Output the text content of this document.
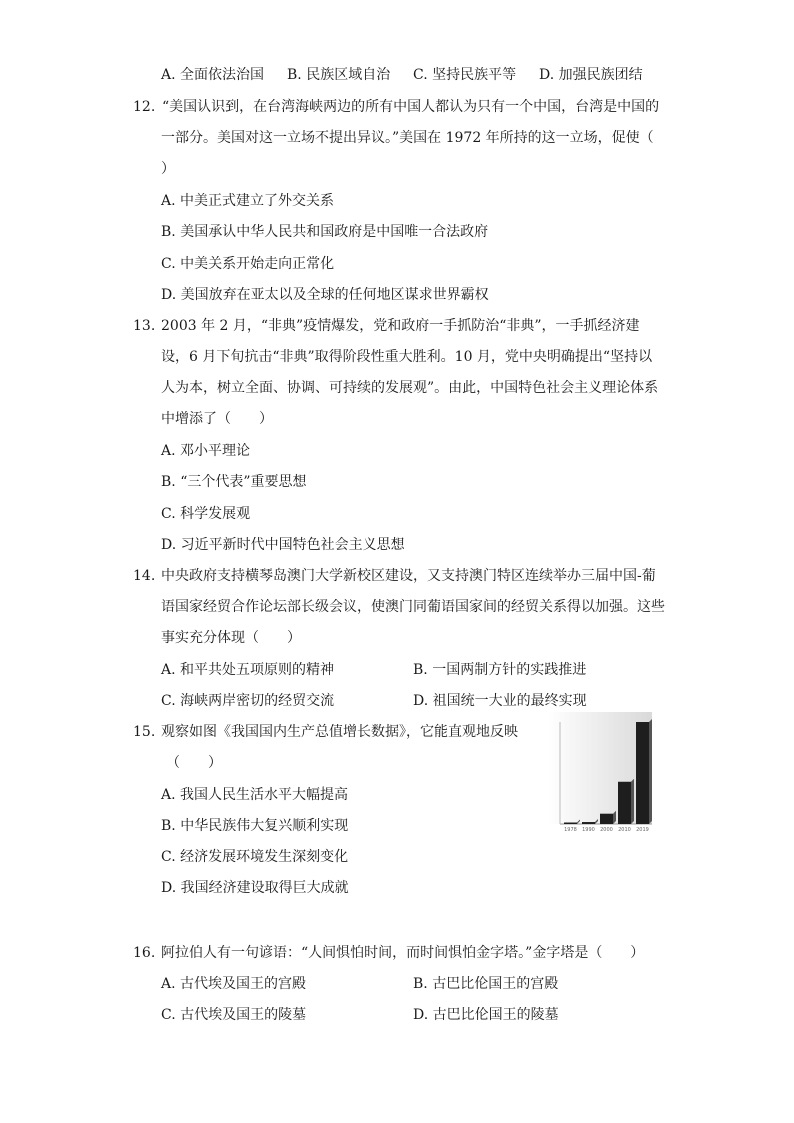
A. 全面依法治国 B. 民族区域自治 C. 坚持民族平等 D. 加强民族团结
12. “美国认识到，在台湾海峡两边的所有中国人都认为只有一个中国，台湾是中国的
一部分。美国对这一立场不提出异议。”美国在 1972 年所持的这一立场，促使（
）
A. 中美正式建立了外交关系
B. 美国承认中华人民共和国政府是中国唯一合法政府
C. 中美关系开始走向正常化
D. 美国放弃在亚太以及全球的任何地区谋求世界霸权
13. 2003 年 2 月，“非典”疫情爆发，党和政府一手抓防治“非典”，一手抓经济建
设，6 月下旬抗击“非典”取得阶段性重大胜利。10 月，党中央明确提出“坚持以
人为本，树立全面、协调、可持续的发展观”。由此，中国特色社会主义理论体系
中增添了（　　）
A. 邓小平理论
B. “三个代表”重要思想
C. 科学发展观
D. 习近平新时代中国特色社会主义思想
14. 中央政府支持横琴岛澳门大学新校区建设，又支持澳门特区连续举办三届中国-葡
语国家经贸合作论坛部长级会议，使澳门同葡语国家间的经贸关系得以加强。这些
事实充分体现（　　）
A. 和平共处五项原则的精神	B. 一国两制方针的实践推进
C. 海峡两岸密切的经贸交流	D. 祖国统一大业的最终实现
15. 观察如图《我国国内生产总值增长数据》，它能直观地反映
（　　）
A. 我国人民生活水平大幅提高
B. 中华民族伟大复兴顺利实现
C. 经济发展环境发生深刻变化
D. 我国经济建设取得巨大成就
1978 1990 2000 2010 2019
16. 阿拉伯人有一句谚语：“人间惧怕时间，而时间惧怕金字塔。”金字塔是（　　）
A. 古代埃及国王的宫殿	B. 古巴比伦国王的宫殿
C. 古代埃及国王的陵墓	D. 古巴比伦国王的陵墓
